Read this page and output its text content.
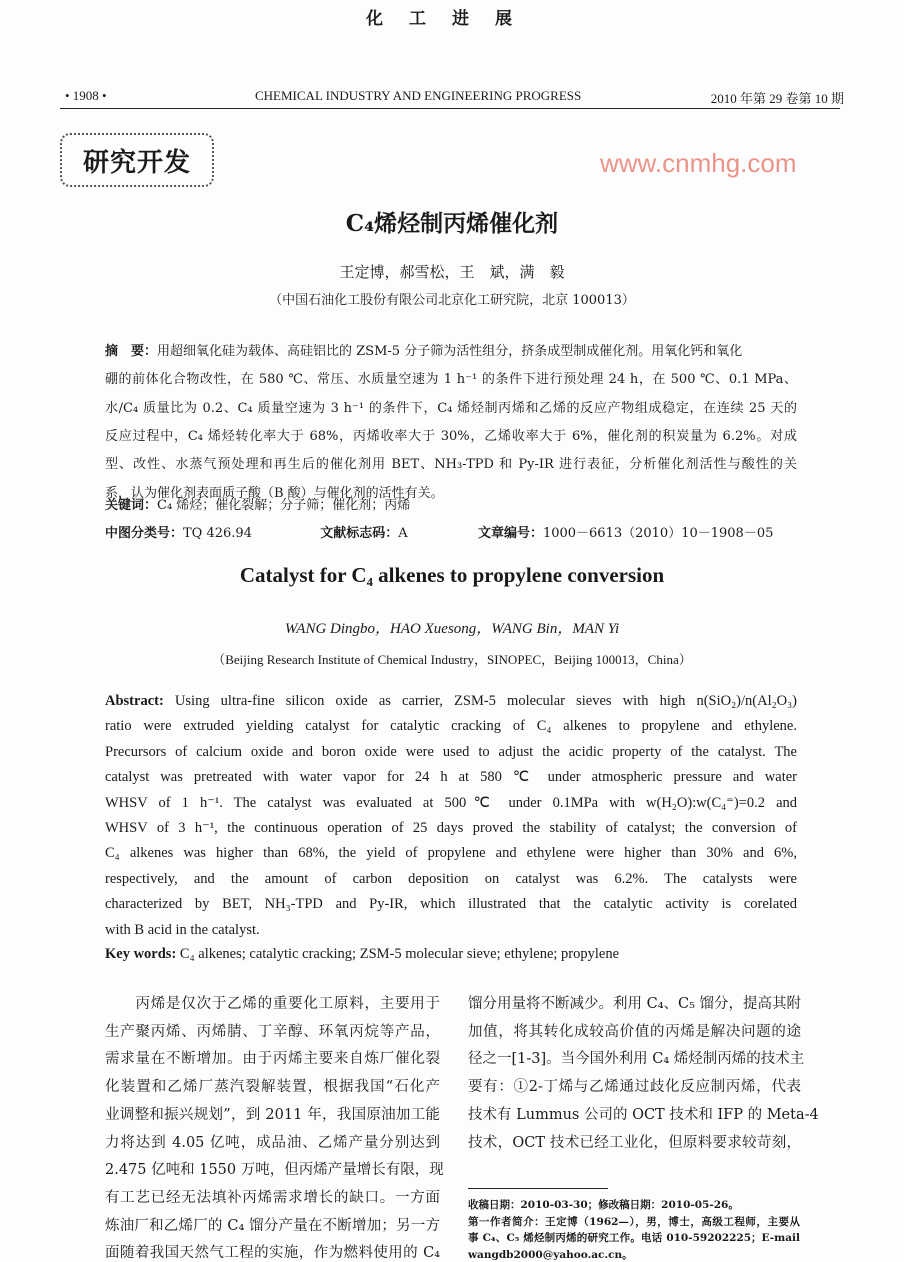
化工进展
• 1908 •	CHEMICAL INDUSTRY AND ENGINEERING PROGRESS	2010 年第 29 卷第 10 期
研究开发	www.cnmhg.com
C₄烯烃制丙烯催化剂
王定博，郝雪松，王　斌，满　毅
（中国石油化工股份有限公司北京化工研究院，北京 100013）
摘　要：用超细氧化硅为载体、高硅铝比的 ZSM-5 分子筛为活性组分，挤条成型制成催化剂。用氧化钙和氧化
硼的前体化合物改性，在 580 ℃、常压、水质量空速为 1 h⁻¹ 的条件下进行预处理 24 h，在 500 ℃、0.1 MPa、
水/C₄ 质量比为 0.2、C₄ 质量空速为 3 h⁻¹ 的条件下，C₄ 烯烃制丙烯和乙烯的反应产物组成稳定，在连续 25 天的
反应过程中，C₄ 烯烃转化率大于 68%，丙烯收率大于 30%，乙烯收率大于 6%，催化剂的积炭量为 6.2%。对成
型、改性、水蒸气预处理和再生后的催化剂用 BET、NH₃-TPD 和 Py-IR 进行表征，分析催化剂活性与酸性的关
系，认为催化剂表面质子酸（B 酸）与催化剂的活性有关。
关键词：C₄ 烯烃；催化裂解；分子筛；催化剂；丙烯
中图分类号：TQ 426.94	文献标志码：A	文章编号：1000－6613（2010）10－1908－05
Catalyst for C₄ alkenes to propylene conversion
WANG Dingbo，HAO Xuesong，WANG Bin，MAN Yi
（Beijing Research Institute of Chemical Industry，SINOPEC，Beijing 100013，China）
Abstract: Using ultra-fine silicon oxide as carrier, ZSM-5 molecular sieves with high n(SiO₂)/n(Al₂O₃)
ratio were extruded yielding catalyst for catalytic cracking of C₄ alkenes to propylene and ethylene.
Precursors of calcium oxide and boron oxide were used to adjust the acidic property of the catalyst. The
catalyst was pretreated with water vapor for 24 h at 580 ℃ under atmospheric pressure and water
WHSV of 1 h⁻¹. The catalyst was evaluated at 500℃ under 0.1MPa with w(H₂O):w(C₄⁼)=0.2 and
WHSV of 3 h⁻¹, the continuous operation of 25 days proved the stability of catalyst; the conversion of
C₄ alkenes was higher than 68%, the yield of propylene and ethylene were higher than 30% and 6%,
respectively, and the amount of carbon deposition on catalyst was 6.2%. The catalysts were
characterized by BET, NH₃-TPD and Py-IR, which illustrated that the catalytic activity is corelated
with B acid in the catalyst.
Key words: C₄ alkenes; catalytic cracking; ZSM-5 molecular sieve; ethylene; propylene
　　丙烯是仅次于乙烯的重要化工原料，主要用于
生产聚丙烯、丙烯腈、丁辛醇、环氧丙烷等产品，
需求量在不断增加。由于丙烯主要来自炼厂催化裂
化装置和乙烯厂蒸汽裂解装置，根据我国“石化产
业调整和振兴规划”，到 2011 年，我国原油加工能
力将达到 4.05 亿吨，成品油、乙烯产量分别达到
2.475 亿吨和 1550 万吨，但丙烯产量增长有限，现
有工艺已经无法填补丙烯需求增长的缺口。一方面
炼油厂和乙烯厂的 C₄ 馏分产量在不断增加；另一方
面随着我国天然气工程的实施，作为燃料使用的 C₄
馏分用量将不断减少。利用 C₄、C₅ 馏分，提高其附
加值，将其转化成较高价值的丙烯是解决问题的途
径之一[1-3]。当今国外利用 C₄ 烯烃制丙烯的技术主
要有：①2-丁烯与乙烯通过歧化反应制丙烯，代表
技术有 Lummus 公司的 OCT 技术和 IFP 的 Meta-4
技术，OCT 技术已经工业化，但原料要求较苛刻，
收稿日期：2010-03-30；修改稿日期：2010-05-26。
第一作者简介：王定博（1962—），男，博士，高级工程师，主要从
事 C₄、C₅ 烯烃制丙烯的研究工作。电话 010-59202225；E-mail
wangdb2000@yahoo.ac.cn。
